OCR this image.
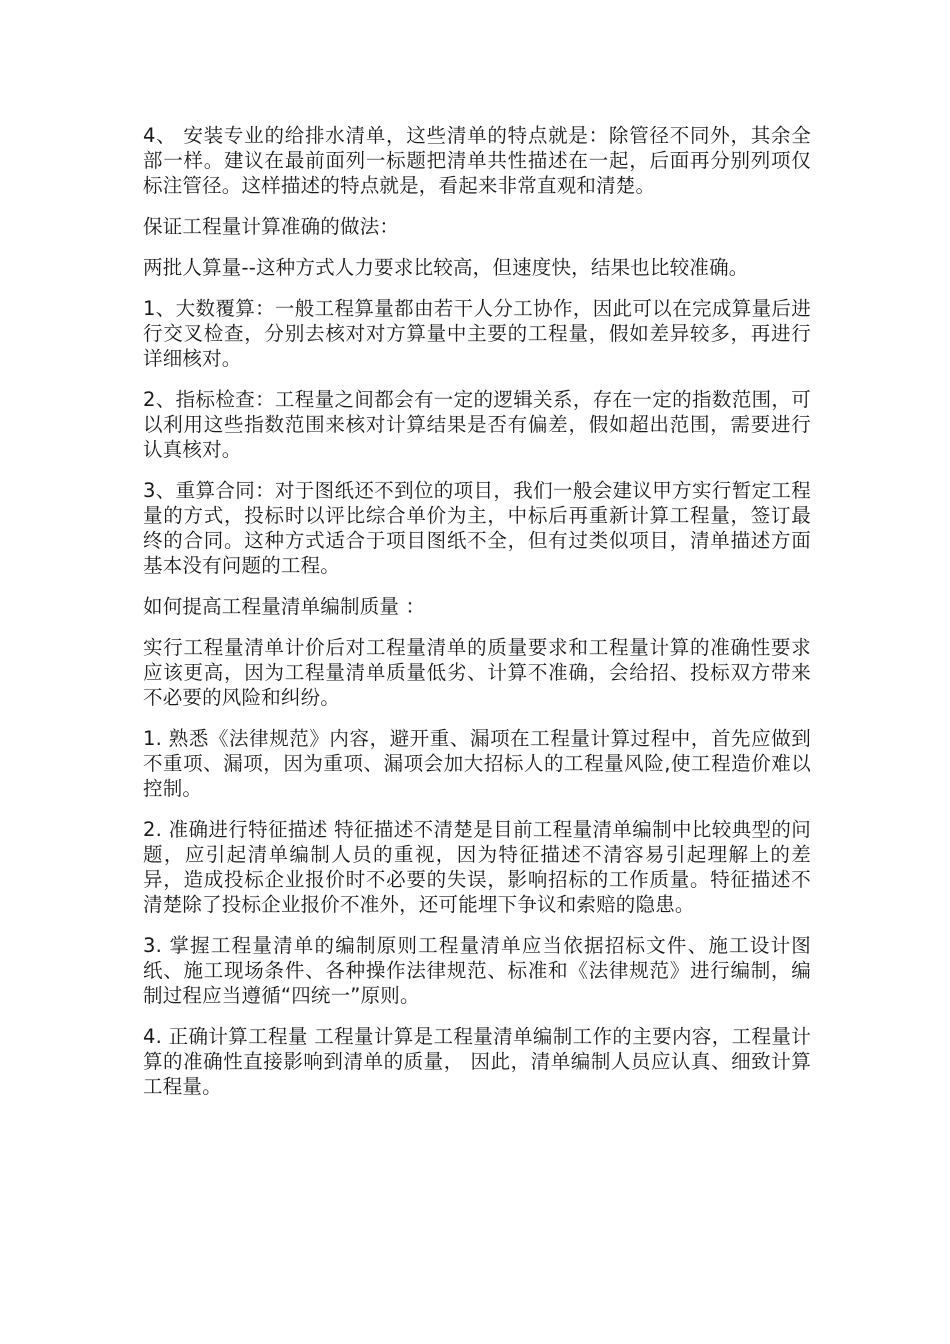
4、 安装专业的给排水清单，这些清单的特点就是：除管径不同外，其余全部一样。建议在最前面列一标题把清单共性描述在一起，后面再分别列项仅标注管径。这样描述的特点就是，看起来非常直观和清楚。

保证工程量计算准确的做法：

两批人算量--这种方式人力要求比较高，但速度快，结果也比较准确。

1、大数覆算：一般工程算量都由若干人分工协作，因此可以在完成算量后进行交叉检查，分别去核对对方算量中主要的工程量，假如差异较多，再进行详细核对。

2、指标检查：工程量之间都会有一定的逻辑关系，存在一定的指数范围，可以利用这些指数范围来核对计算结果是否有偏差，假如超出范围，需要进行认真核对。

3、重算合同：对于图纸还不到位的项目，我们一般会建议甲方实行暂定工程量的方式，投标时以评比综合单价为主，中标后再重新计算工程量，签订最终的合同。这种方式适合于项目图纸不全，但有过类似项目，清单描述方面基本没有问题的工程。

如何提高工程量清单编制质量 ：

实行工程量清单计价后对工程量清单的质量要求和工程量计算的准确性要求应该更高，因为工程量清单质量低劣、计算不准确，会给招、投标双方带来不必要的风险和纠纷。

1. 熟悉《法律规范》内容，避开重、漏项在工程量计算过程中，首先应做到不重项、漏项，因为重项、漏项会加大招标人的工程量风险,使工程造价难以控制。

2. 准确进行特征描述 特征描述不清楚是目前工程量清单编制中比较典型的问题，应引起清单编制人员的重视，因为特征描述不清容易引起理解上的差异，造成投标企业报价时不必要的失误，影响招标的工作质量。特征描述不清楚除了投标企业报价不准外，还可能埋下争议和索赔的隐患。

3. 掌握工程量清单的编制原则工程量清单应当依据招标文件、施工设计图纸、施工现场条件、各种操作法律规范、标准和《法律规范》进行编制，编制过程应当遵循“四统一”原则。

4. 正确计算工程量 工程量计算是工程量清单编制工作的主要内容，工程量计算的准确性直接影响到清单的质量， 因此，清单编制人员应认真、细致计算工程量。
